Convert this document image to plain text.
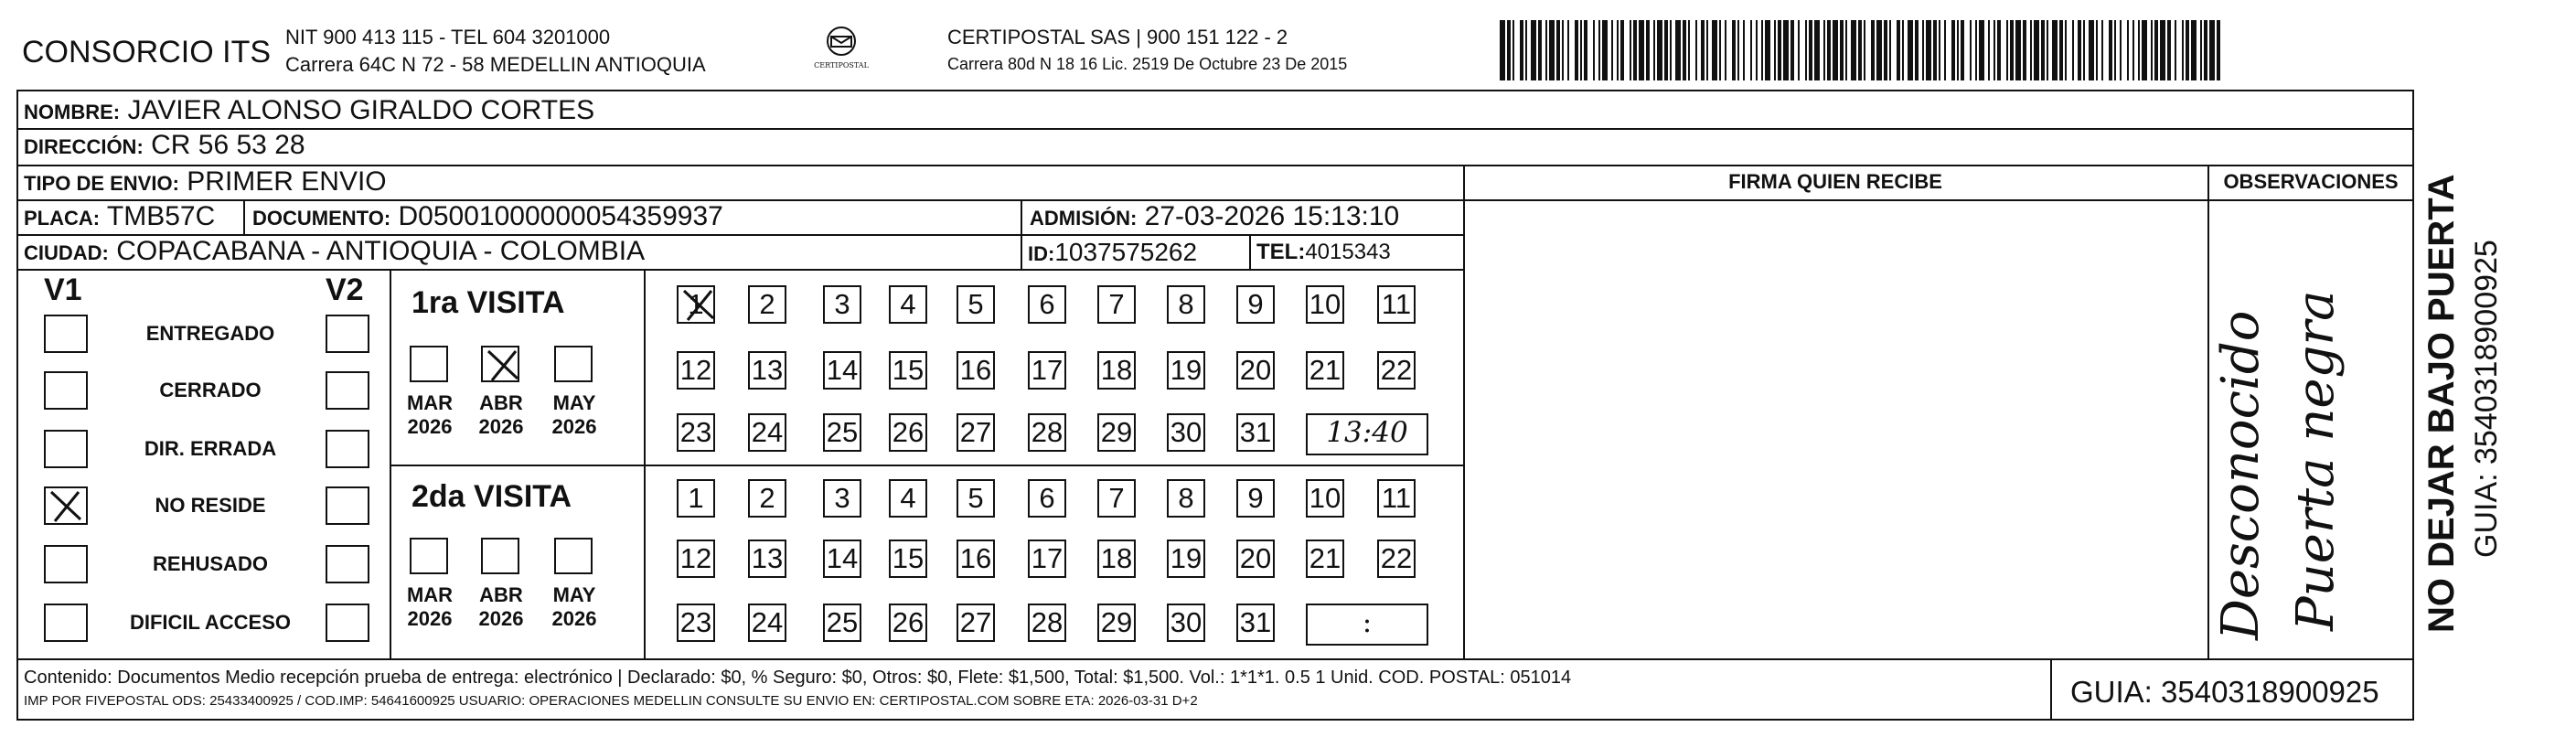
CONSORCIO ITS NIT 900 413 115 - TEL 604 3201000
Carrera 64C N 72 - 58 MEDELLIN ANTIOQUIA	CERTIPOSTAL
CERTIPOSTAL SAS | 900 151 122 - 2
Carrera 80d N 18 16 Lic. 2519 De Octubre 23 De 2015
NOMBRE: JAVIER ALONSO GIRALDO CORTES
DIRECCIÓN: CR 56 53 28
TIPO DE ENVIO: PRIMER ENVIO	FIRMA QUIEN RECIBE	OBSERVACIONES
PLACA: TMB57C DOCUMENTO: D05001000000054359937	ADMISIÓN: 27-03-2026 15:13:10
CIUDAD: COPACABANA - ANTIOQUIA - COLOMBIA	ID:1037575262	TEL:4015343
V1	V2
ENTREGADO
CERRADO
DIR. ERRADA
NO RESIDE
REHUSADO
DIFICIL ACCESO
1ra VISITA
2da VISITA
MAR
2026
ABR
2026
MAY
2026
MAR
2026
ABR
2026
MAY
2026
1	2	3	4	5	6	7	8	9	10 11
12 13 14 15 16 17 18 19 20 21 22
23 24 25 26 27 28 29 30 31	13:40
1	2	3	4	5	6	7	8	9	10 11
12 13 14 15 16 17 18 19 20 21 22
23 24 25 26 27 28 29 30 31	:	Desconocido Puerta negra NO DEJAR BAJO PUERTA GUIA: 3540318900925
Contenido: Documentos Medio recepción prueba de entrega: electrónico | Declarado: $0, % Seguro: $0, Otros: $0, Flete: $1,500, Total: $1,500. Vol.: 1*1*1. 0.5 1 Unid. COD. POSTAL: 051014
IMP POR FIVEPOSTAL ODS: 25433400925 / COD.IMP: 54641600925 USUARIO: OPERACIONES MEDELLIN CONSULTE SU ENVIO EN: CERTIPOSTAL.COM SOBRE ETA: 2026-03-31 D+2	GUIA: 3540318900925
